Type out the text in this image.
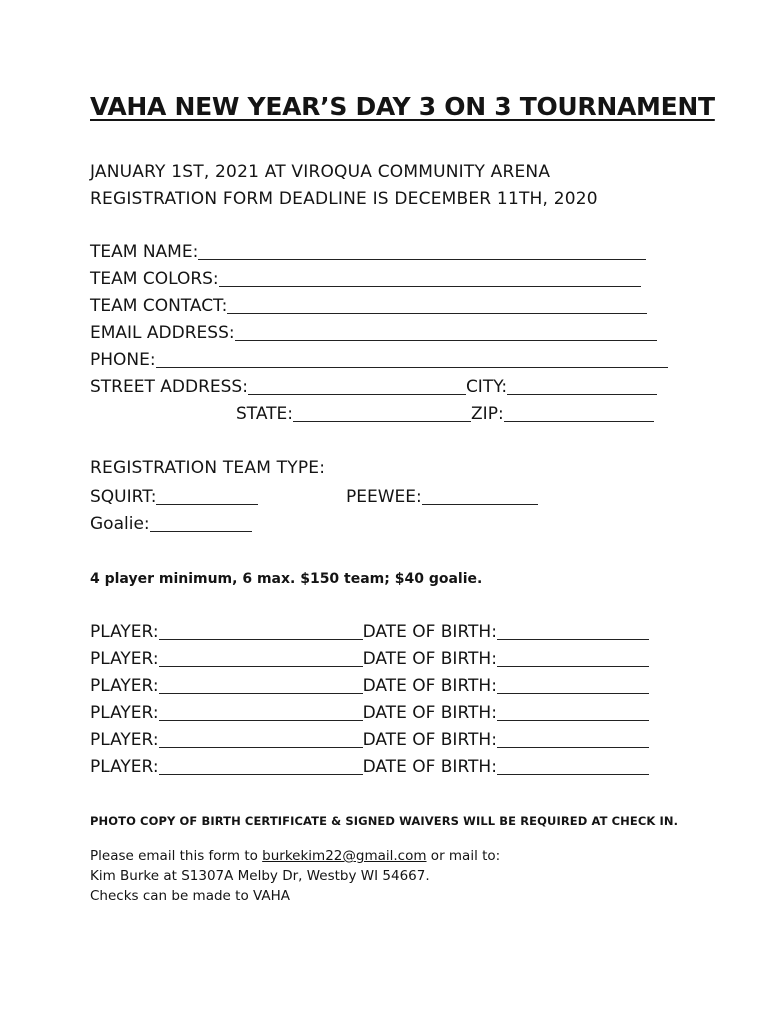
VAHA NEW YEAR’S DAY 3 ON 3 TOURNAMENT
JANUARY 1ST, 2021 AT VIROQUA COMMUNITY ARENA
REGISTRATION FORM DEADLINE IS DECEMBER 11TH, 2020
TEAM NAME:
TEAM COLORS:
TEAM CONTACT:
EMAIL ADDRESS:
PHONE:
STREET ADDRESS:	CITY:
STATE:	ZIP:
REGISTRATION TEAM TYPE:
SQUIRT:	PEEWEE:
Goalie:
4 player minimum, 6 max. $150 team; $40 goalie.
PLAYER:	DATE OF BIRTH:
PLAYER:	DATE OF BIRTH:
PLAYER:	DATE OF BIRTH:
PLAYER:	DATE OF BIRTH:
PLAYER:	DATE OF BIRTH:
PLAYER:	DATE OF BIRTH:
PHOTO COPY OF BIRTH CERTIFICATE & SIGNED WAIVERS WILL BE REQUIRED AT CHECK IN.
Please email this form to burkekim22@gmail.com or mail to:
Kim Burke at S1307A Melby Dr, Westby WI 54667.
Checks can be made to VAHA
